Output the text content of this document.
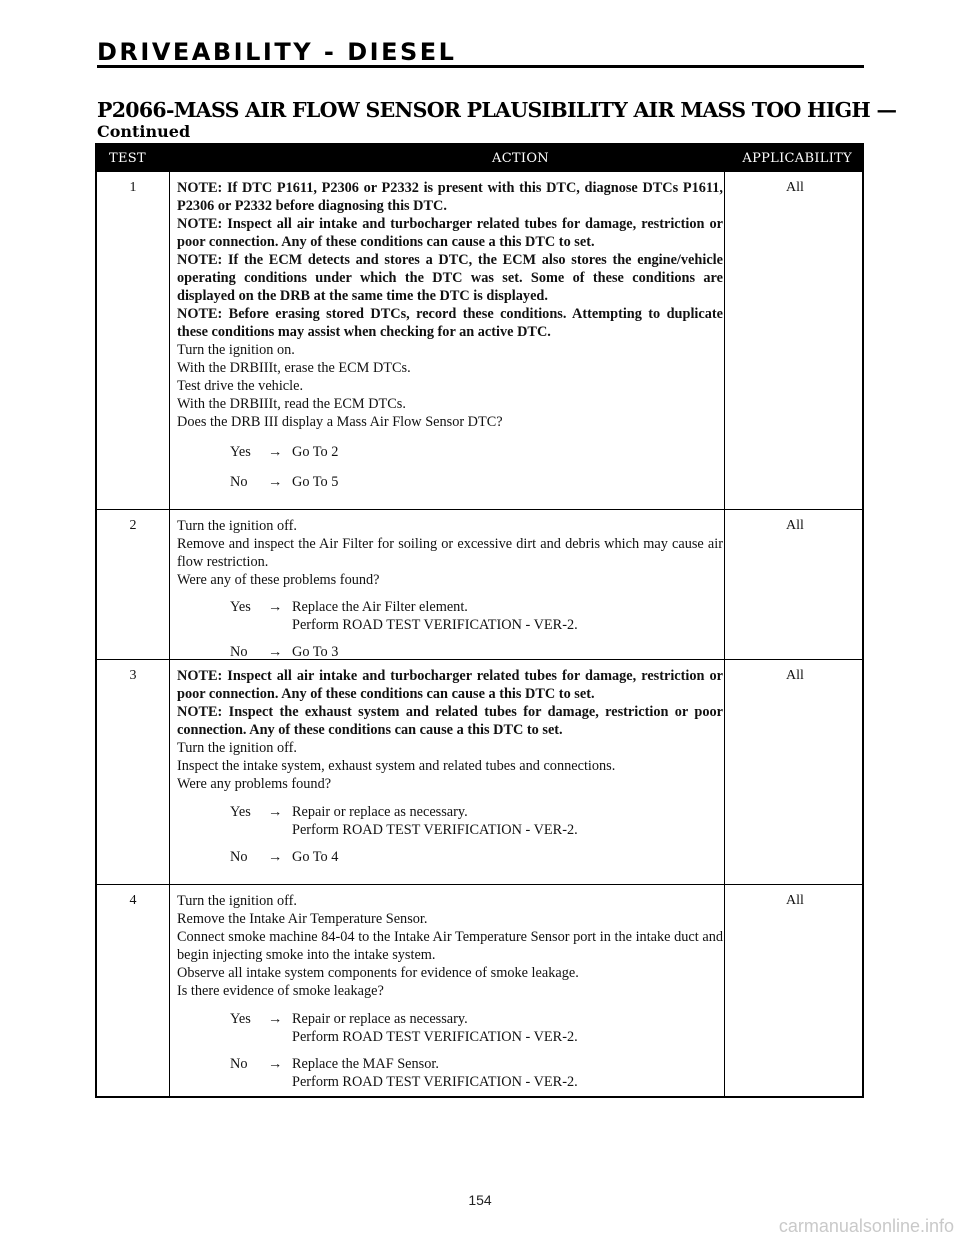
DRIVEABILITY - DIESEL
P2066-MASS AIR FLOW SENSOR PLAUSIBILITY AIR MASS TOO HIGH —
Continued
TEST	ACTION	APPLICABILITY
1	NOTE: If DTC P1611, P2306 or P2332 is present with this DTC, diagnose DTCs P1611, P2306 or P2332 before diagnosing this DTC.

NOTE: Inspect all air intake and turbocharger related tubes for damage, restriction or poor connection. Any of these conditions can cause a this DTC to set.

NOTE: If the ECM detects and stores a DTC, the ECM also stores the engine/vehicle operating conditions under which the DTC was set. Some of these conditions are displayed on the DRB at the same time the DTC is displayed.

NOTE: Before erasing stored DTCs, record these conditions. Attempting to duplicate these conditions may assist when checking for an active DTC.

Turn the ignition on.

With the DRBIIIt, erase the ECM DTCs.

Test drive the vehicle.

With the DRBIIIt, read the ECM DTCs.

Does the DRB III display a Mass Air Flow Sensor DTC?

Yes → Go To 2
No → Go To 5
All
2	Turn the ignition off.

Remove and inspect the Air Filter for soiling or excessive dirt and debris which may cause air flow restriction.

Were any of these problems found?

Yes → Replace the Air Filter element.
Perform ROAD TEST VERIFICATION - VER-2.
No → Go To 3
All
3	NOTE: Inspect all air intake and turbocharger related tubes for damage, restriction or poor connection. Any of these conditions can cause a this DTC to set.

NOTE: Inspect the exhaust system and related tubes for damage, restriction or poor connection. Any of these conditions can cause a this DTC to set.

Turn the ignition off.

Inspect the intake system, exhaust system and related tubes and connections.

Were any problems found?

Yes → Repair or replace as necessary.
Perform ROAD TEST VERIFICATION - VER-2.
No → Go To 4
All
4	Turn the ignition off.

Remove the Intake Air Temperature Sensor.

Connect smoke machine 84-04 to the Intake Air Temperature Sensor port in the intake duct and begin injecting smoke into the intake system.

Observe all intake system components for evidence of smoke leakage.

Is there evidence of smoke leakage?

Yes → Repair or replace as necessary.
Perform ROAD TEST VERIFICATION - VER-2.
No → Replace the MAF Sensor.
Perform ROAD TEST VERIFICATION - VER-2.
All
154
carmanualsonline.info
